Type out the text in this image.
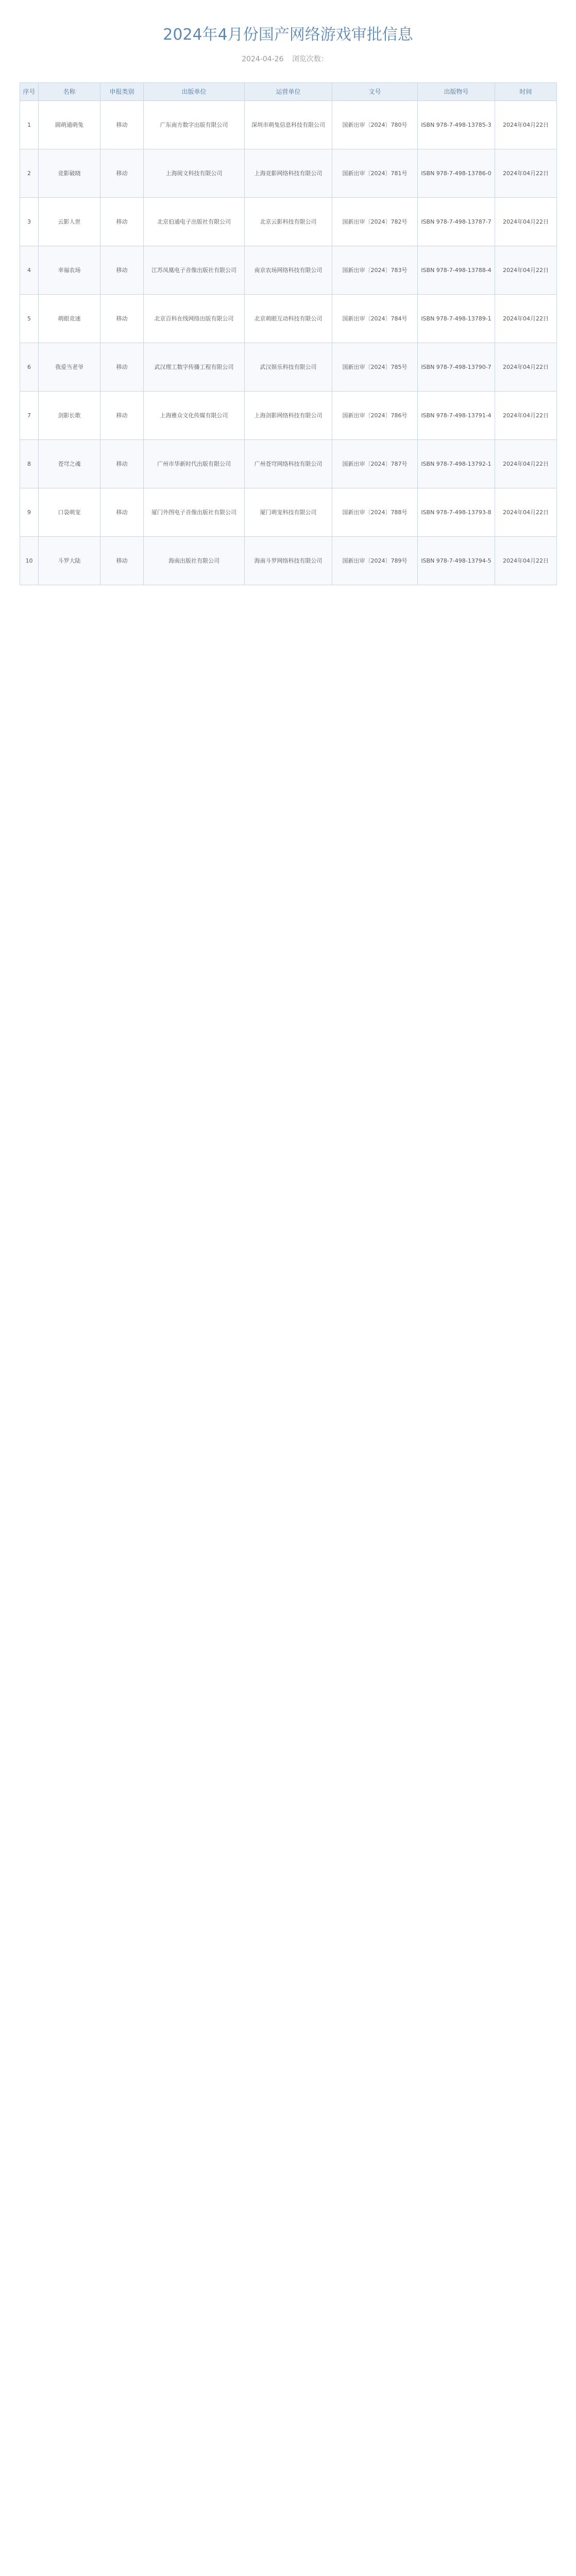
2024年4月份国产网络游戏审批信息
2024-04-26 浏览次数：
序号	名称	申报类别	出版单位	运营单位	文号	出版物号	时间
1	圆萌通萌兔	移动	广东南方数字出版有限公司	深圳市萌兔信息科技有限公司	国新出审〔2024〕780号	ISBN 978-7-498-13785-3	2024年04月22日
2	竞影破晓	移动	上海阅文科技有限公司	上海竞影网络科技有限公司	国新出审〔2024〕781号	ISBN 978-7-498-13786-0	2024年04月22日
3	云影人世	移动	北京伯通电子出版社有限公司	北京云影科技有限公司	国新出审〔2024〕782号	ISBN 978-7-498-13787-7	2024年04月22日
4	幸福农场	移动	江苏凤凰电子音像出版社有限公司	南京农场网络科技有限公司	国新出审〔2024〕783号	ISBN 978-7-498-13788-4	2024年04月22日
5	萌眼竞速	移动	北京百科在线网络出版有限公司	北京萌眼互动科技有限公司	国新出审〔2024〕784号	ISBN 978-7-498-13789-1	2024年04月22日
6	我爱当老爷	移动	武汉理工数字传播工程有限公司	武汉娱乐科技有限公司	国新出审〔2024〕785号	ISBN 978-7-498-13790-7	2024年04月22日
7	剑影长歌	移动	上海雅众文化传媒有限公司	上海剑影网络科技有限公司	国新出审〔2024〕786号	ISBN 978-7-498-13791-4	2024年04月22日
8	苍穹之魂	移动	广州市华新时代出版有限公司	广州苍穹网络科技有限公司	国新出审〔2024〕787号	ISBN 978-7-498-13792-1	2024年04月22日
9	口袋萌宠	移动	厦门外图电子音像出版社有限公司	厦门萌宠科技有限公司	国新出审〔2024〕788号	ISBN 978-7-498-13793-8	2024年04月22日
10	斗罗大陆	移动	海南出版社有限公司	海南斗罗网络科技有限公司	国新出审〔2024〕789号	ISBN 978-7-498-13794-5	2024年04月22日
